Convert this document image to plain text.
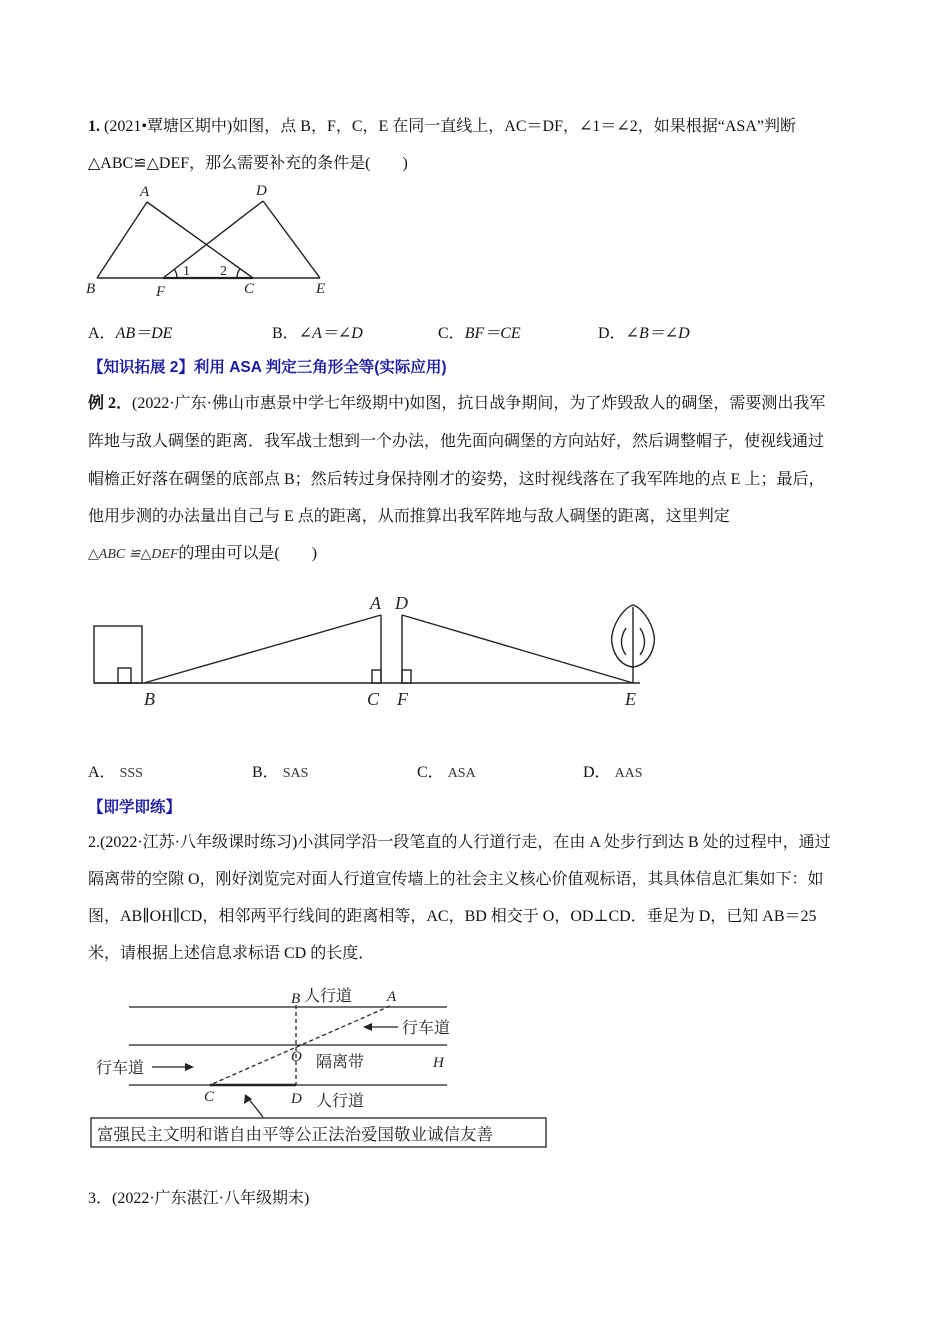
1. (2021•覃塘区期中)如图，点 B，F，C，E 在同一直线上，AC＝DF，∠1＝∠2，如果根据“ASA”判断
△ABC≌△DEF，那么需要补充的条件是(　　)
A	D
B	F	C	E
1 2
A．AB＝DE	B．∠A＝∠D	C．BF＝CE	D．∠B＝∠D
【知识拓展 2】利用 ASA 判定三角形全等(实际应用)
例 2．(2022·广东·佛山市惠景中学七年级期中)如图，抗日战争期间，为了炸毁敌人的碉堡，需要测出我军
阵地与敌人碉堡的距离．我军战士想到一个办法，他先面向碉堡的方向站好，然后调整帽子，使视线通过
帽檐正好落在碉堡的底部点 B；然后转过身保持刚才的姿势，这时视线落在了我军阵地的点 E 上；最后，
他用步测的办法量出自己与 E 点的距离，从而推算出我军阵地与敌人碉堡的距离，这里判定
△ABC ≌△DEF的理由可以是(　　)
A D
B	C F	E
A． SSS	B． SAS	C． ASA	D． AAS
【即学即练】
2.(2022·江苏·八年级课时练习)小淇同学沿一段笔直的人行道行走，在由 A 处步行到达 B 处的过程中，通过
隔离带的空隙 O，刚好浏览完对面人行道宣传墙上的社会主义核心价值观标语，其具体信息汇集如下：如
图，AB∥OH∥CD，相邻两平行线间的距离相等，AC，BD 相交于 O，OD⊥CD．垂足为 D，已知 AB＝25
米，请根据上述信息求标语 CD 的长度．
B	A
O	H
C	D
人行道
行车道
隔离带
行车道
人行道
富强民主文明和谐自由平等公正法治爱国敬业诚信友善
3．(2022·广东湛江·八年级期末)
